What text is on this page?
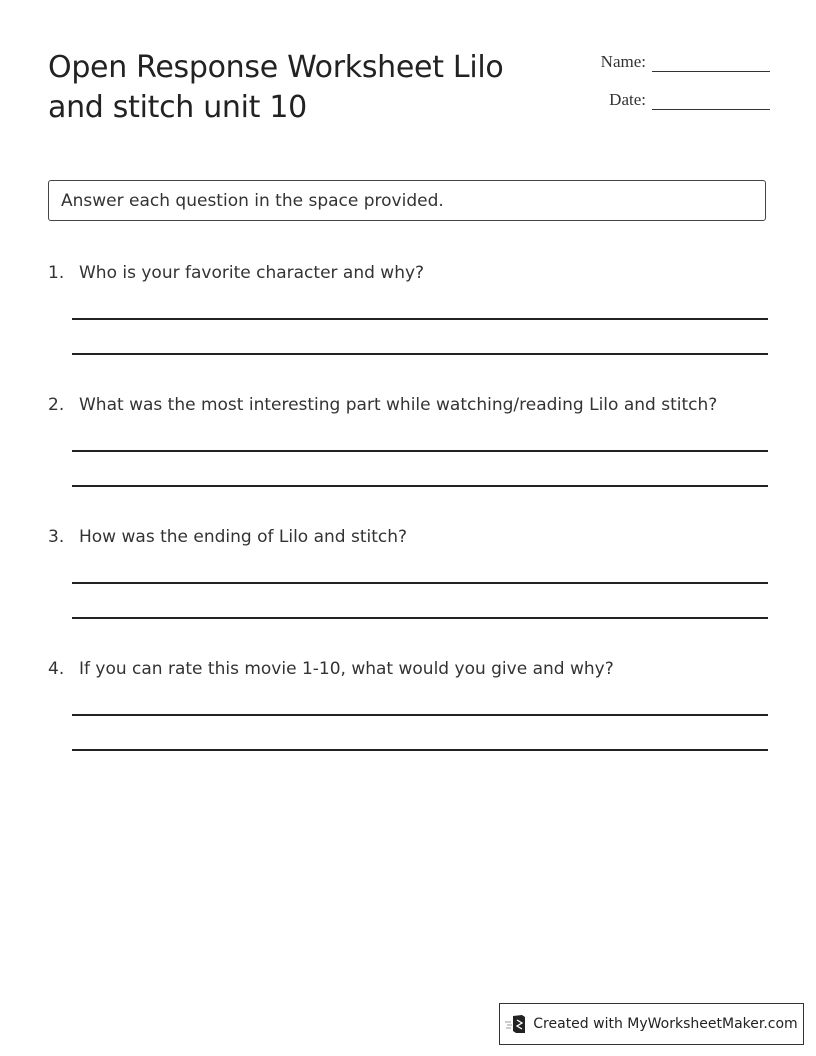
Open Response Worksheet Lilo and stitch unit 10
Name:
Date:
Answer each question in the space provided.
1. Who is your favorite character and why?
2. What was the most interesting part while watching/reading Lilo and stitch?
3. How was the ending of Lilo and stitch?
4. If you can rate this movie 1-10, what would you give and why?
Created with MyWorksheetMaker.com
